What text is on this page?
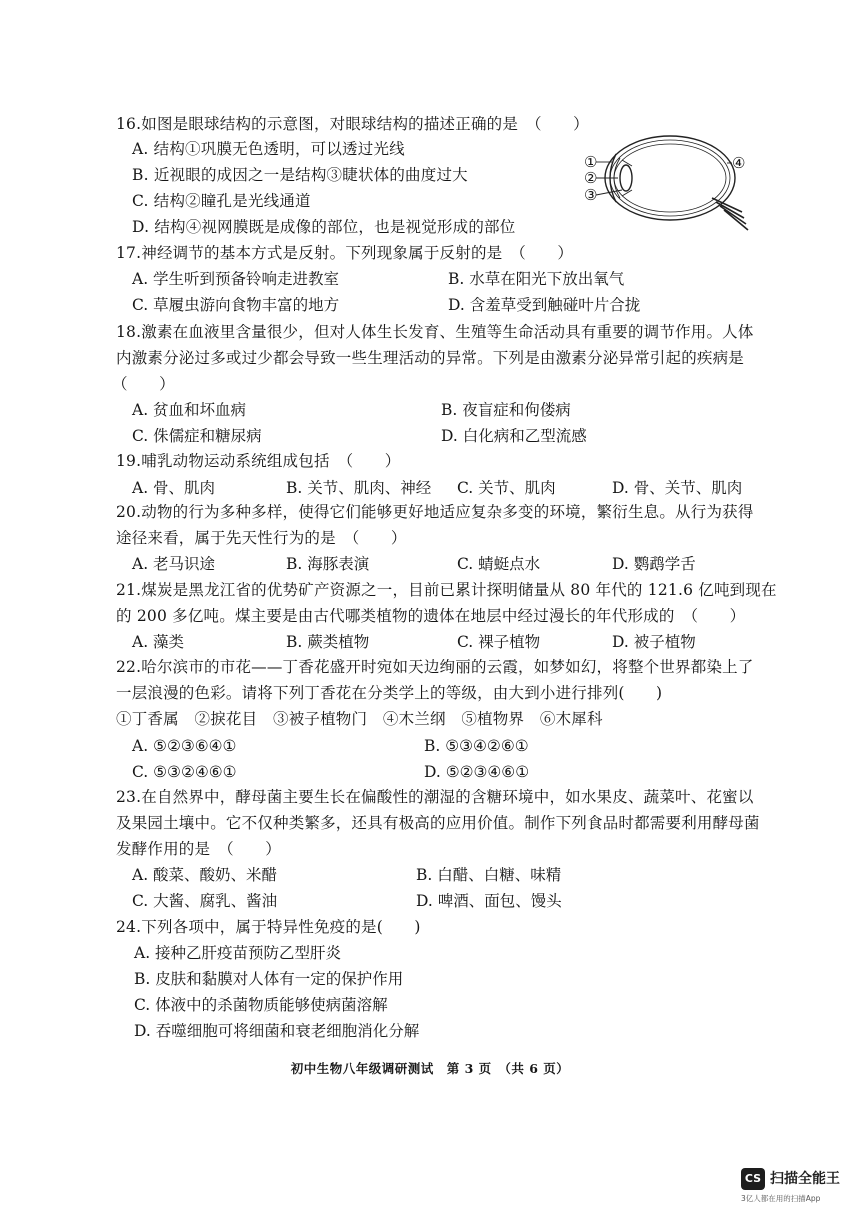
16.如图是眼球结构的示意图，对眼球结构的描述正确的是　（　　）
A. 结构①巩膜无色透明，可以透过光线
B. 近视眼的成因之一是结构③睫状体的曲度过大
C. 结构②瞳孔是光线通道
D. 结构④视网膜既是成像的部位，也是视觉形成的部位
①
②
③
④
17.神经调节的基本方式是反射。下列现象属于反射的是　（　　）
A. 学生听到预备铃响走进教室	B. 水草在阳光下放出氧气
C. 草履虫游向食物丰富的地方	D. 含羞草受到触碰叶片合拢
18.激素在血液里含量很少，但对人体生长发育、生殖等生命活动具有重要的调节作用。人体
内激素分泌过多或过少都会导致一些生理活动的异常。下列是由激素分泌异常引起的疾病是
（　　）
A. 贫血和坏血病	B. 夜盲症和佝偻病
C. 侏儒症和糖尿病	D. 白化病和乙型流感
19.哺乳动物运动系统组成包括　（　　）
A. 骨、肌肉	B. 关节、肌肉、神经 C. 关节、肌肉	D. 骨、关节、肌肉
20.动物的行为多种多样，使得它们能够更好地适应复杂多变的环境，繁衍生息。从行为获得
途径来看，属于先天性行为的是　（　　）
A. 老马识途	B. 海豚表演	C. 蜻蜓点水	D. 鹦鹉学舌
21.煤炭是黑龙江省的优势矿产资源之一，目前已累计探明储量从 80 年代的 121.6 亿吨到现在
的 200 多亿吨。煤主要是由古代哪类植物的遗体在地层中经过漫长的年代形成的　（　　）
A. 藻类	B. 蕨类植物	C. 裸子植物	D. 被子植物
22.哈尔滨市的市花——丁香花盛开时宛如天边绚丽的云霞，如梦如幻，将整个世界都染上了
一层浪漫的色彩。请将下列丁香花在分类学上的等级，由大到小进行排列(　　)
①丁香属　②捩花目　③被子植物门　④木兰纲　⑤植物界　⑥木犀科
A. ⑤②③⑥④①	B. ⑤③④②⑥①
C. ⑤③②④⑥①	D. ⑤②③④⑥①
23.在自然界中，酵母菌主要生长在偏酸性的潮湿的含糖环境中，如水果皮、蔬菜叶、花蜜以
及果园土壤中。它不仅种类繁多，还具有极高的应用价值。制作下列食品时都需要利用酵母菌
发酵作用的是　（　　）
A. 酸菜、酸奶、米醋	B. 白醋、白糖、味精
C. 大酱、腐乳、酱油	D. 啤酒、面包、馒头
24.下列各项中，属于特异性免疫的是(　　)
A. 接种乙肝疫苗预防乙型肝炎
B. 皮肤和黏膜对人体有一定的保护作用
C. 体液中的杀菌物质能够使病菌溶解
D. 吞噬细胞可将细菌和衰老细胞消化分解
初中生物八年级调研测试　第 3 页　（共 6 页）
CS 扫描全能王
3亿人都在用的扫描App
